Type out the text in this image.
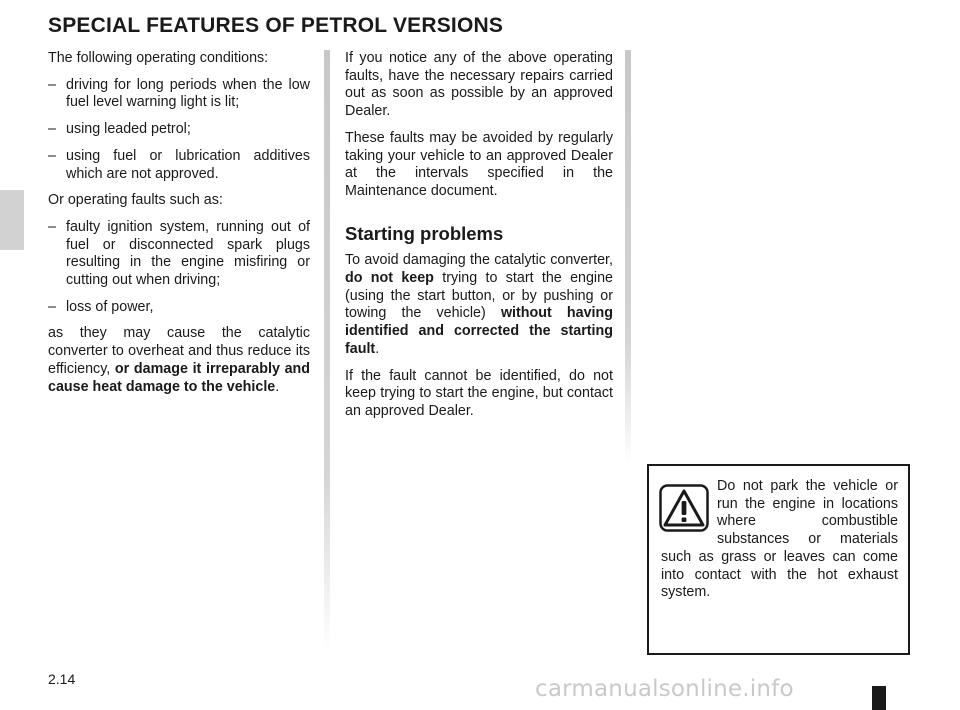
SPECIAL FEATURES OF PETROL VERSIONS

The following operating conditions:

– driving for long periods when the low fuel level warning light is lit;
– using leaded petrol;
– using fuel or lubrication additives which are not approved.

Or operating faults such as:

– faulty ignition system, running out of fuel or disconnected spark plugs resulting in the engine misfiring or cutting out when driving;
– loss of power,

as they may cause the catalytic converter to overheat and thus reduce its efficiency, or damage it irreparably and cause heat damage to the vehicle.

If you notice any of the above operating faults, have the necessary repairs carried out as soon as possible by an approved Dealer.

These faults may be avoided by regularly taking your vehicle to an approved Dealer at the intervals specified in the Maintenance document.

Starting problems

To avoid damaging the catalytic converter, do not keep trying to start the engine (using the start button, or by pushing or towing the vehicle) without having identified and corrected the starting fault.

If the fault cannot be identified, do not keep trying to start the engine, but contact an approved Dealer.

Do not park the vehicle or run the engine in locations where combustible substances or materials such as grass or leaves can come into contact with the hot exhaust system.

2.14	carmanualsonline.info
